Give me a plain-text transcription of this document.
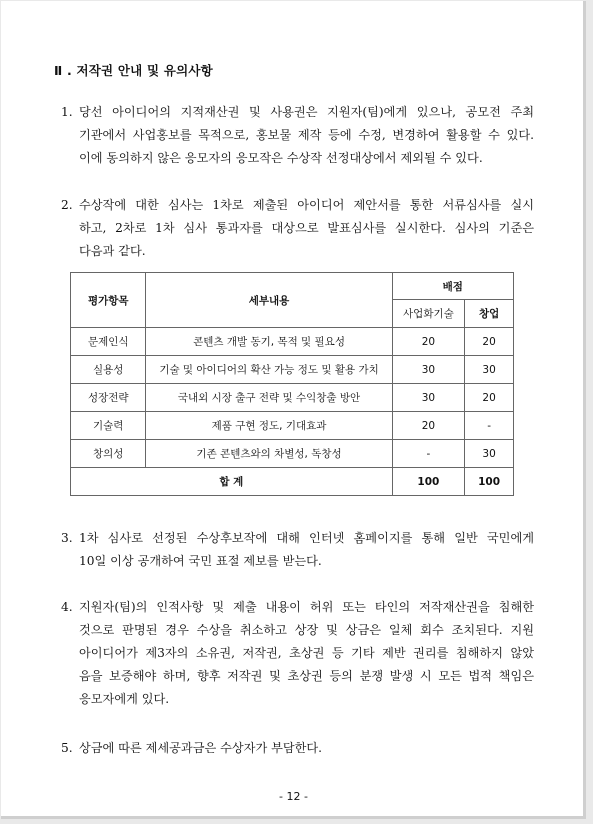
Ⅱ . 저작권 안내 및 유의사항
1. 당선 아이디어의 지적재산권 및 사용권은 지원자(팀)에게 있으나, 공모전 주최
기관에서 사업홍보를 목적으로, 홍보물 제작 등에 수정, 변경하여 활용할 수 있다.
이에 동의하지 않은 응모자의 응모작은 수상작 선정대상에서 제외될 수 있다.
2. 수상작에 대한 심사는 1차로 제출된 아이디어 제안서를 통한 서류심사를 실시
하고, 2차로 1차 심사 통과자를 대상으로 발표심사를 실시한다. 심사의 기준은
다음과 같다.
평가항목	세부내용	배점	
		사업화기술	창업
문제인식	콘텐츠 개발 동기, 목적 및 필요성	20	20
실용성	기술 및 아이디어의 확산 가능 정도 및 활용 가치	30	30
성장전략	국내외 시장 출구 전략 및 수익창출 방안	30	20
기술력	제품 구현 정도, 기대효과	20	-
창의성	기존 콘텐츠와의 차별성, 독창성	-	30
합 계		100	100
3. 1차 심사로 선정된 수상후보작에 대해 인터넷 홈페이지를 통해 일반 국민에게
10일 이상 공개하여 국민 표절 제보를 받는다.
4. 지원자(팀)의 인적사항 및 제출 내용이 허위 또는 타인의 저작재산권을 침해한
것으로 판명된 경우 수상을 취소하고 상장 및 상금은 일체 회수 조치된다. 지원
아이디어가 제3자의 소유권, 저작권, 초상권 등 기타 제반 권리를 침해하지 않았
음을 보증해야 하며, 향후 저작권 및 초상권 등의 분쟁 발생 시 모든 법적 책임은
응모자에게 있다.
5. 상금에 따른 제세공과금은 수상자가 부담한다.
- 12 -
